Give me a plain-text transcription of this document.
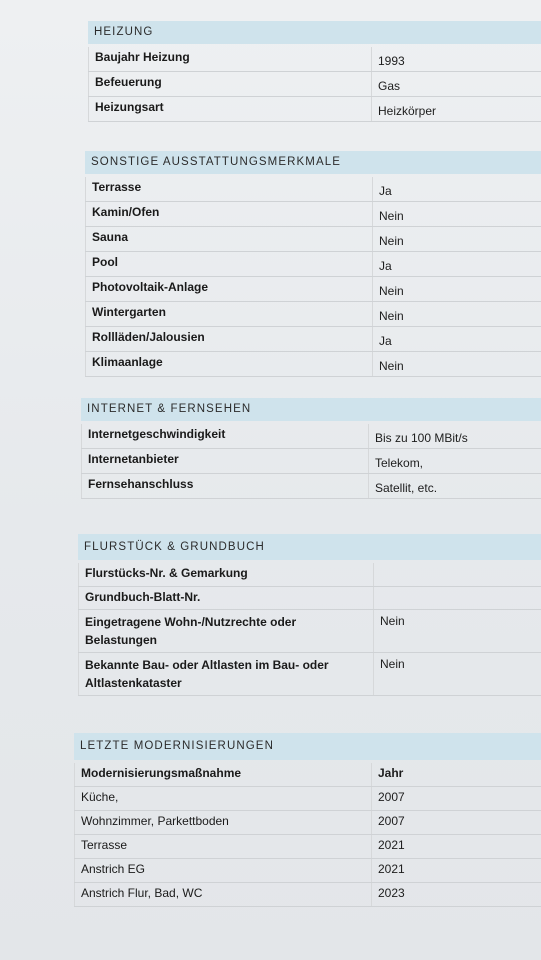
HEIZUNG
Baujahr Heizung	1993
Befeuerung	Gas
Heizungsart	Heizkörper
SONSTIGE AUSSTATTUNGSMERKMALE
Terrasse	Ja
Kamin/Ofen	Nein
Sauna	Nein
Pool	Ja
Photovoltaik-Anlage	Nein
Wintergarten	Nein
Rollläden/Jalousien	Ja
Klimaanlage	Nein
INTERNET & FERNSEHEN
Internetgeschwindigkeit	Bis zu 100 MBit/s
Internetanbieter	Telekom,
Fernsehanschluss	Satellit, etc.
FLURSTÜCK & GRUNDBUCH
Flurstücks-Nr. & Gemarkung	
Grundbuch-Blatt-Nr.	
Eingetragene Wohn-/Nutzrechte oder Belastungen	Nein
Bekannte Bau- oder Altlasten im Bau- oder Altlastenkataster	Nein
LETZTE MODERNISIERUNGEN
Modernisierungsmaßnahme	Jahr
Küche,	2007
Wohnzimmer, Parkettboden	2007
Terrasse	2021
Anstrich EG	2021
Anstrich Flur, Bad, WC	2023
